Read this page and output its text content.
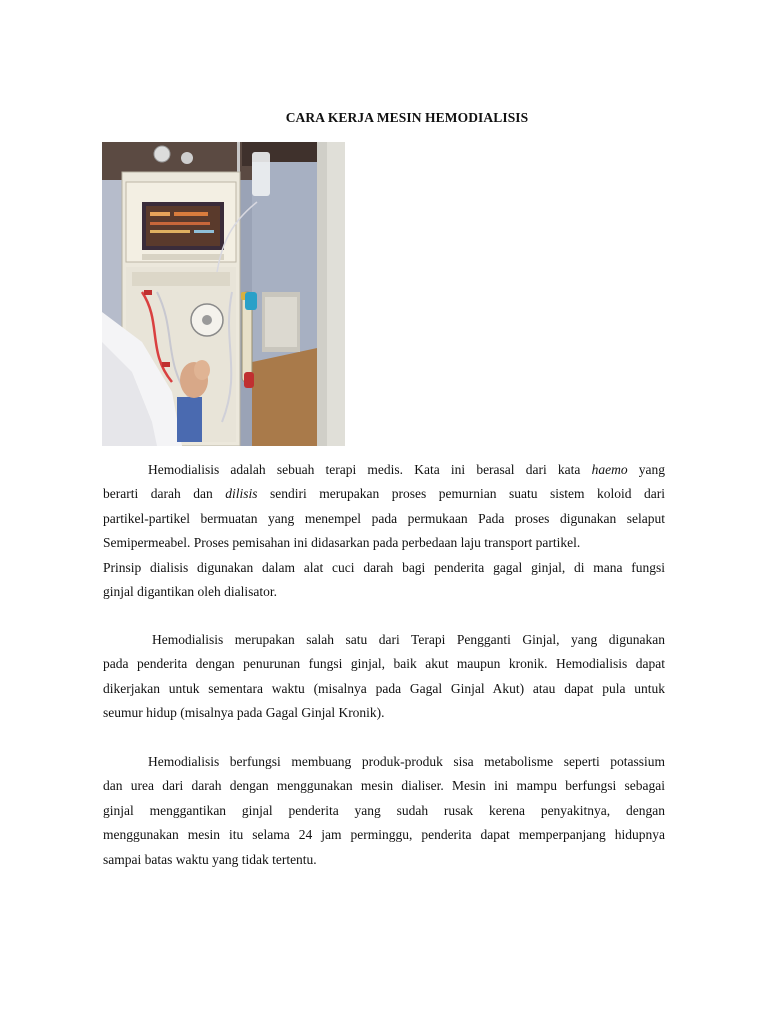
CARA KERJA MESIN HEMODIALISIS
Hemodialisis adalah sebuah terapi medis. Kata ini berasal dari kata haemo yang
berarti darah dan dilisis sendiri merupakan proses pemurnian suatu sistem koloid dari
partikel-partikel bermuatan yang menempel pada permukaan Pada proses digunakan selaput
Semipermeabel. Proses pemisahan ini didasarkan pada perbedaan laju transport partikel.
Prinsip dialisis digunakan dalam alat cuci darah bagi penderita gagal ginjal, di mana fungsi
ginjal digantikan oleh dialisator.
Hemodialisis merupakan salah satu dari Terapi Pengganti Ginjal, yang digunakan
pada penderita dengan penurunan fungsi ginjal, baik akut maupun kronik. Hemodialisis dapat
dikerjakan untuk sementara waktu (misalnya pada Gagal Ginjal Akut) atau dapat pula untuk
seumur hidup (misalnya pada Gagal Ginjal Kronik).
Hemodialisis berfungsi membuang produk-produk sisa metabolisme seperti potassium
dan urea dari darah dengan menggunakan mesin dialiser. Mesin ini mampu berfungsi sebagai
ginjal menggantikan ginjal penderita yang sudah rusak kerena penyakitnya, dengan
menggunakan mesin itu selama 24 jam perminggu, penderita dapat memperpanjang hidupnya
sampai batas waktu yang tidak tertentu.
